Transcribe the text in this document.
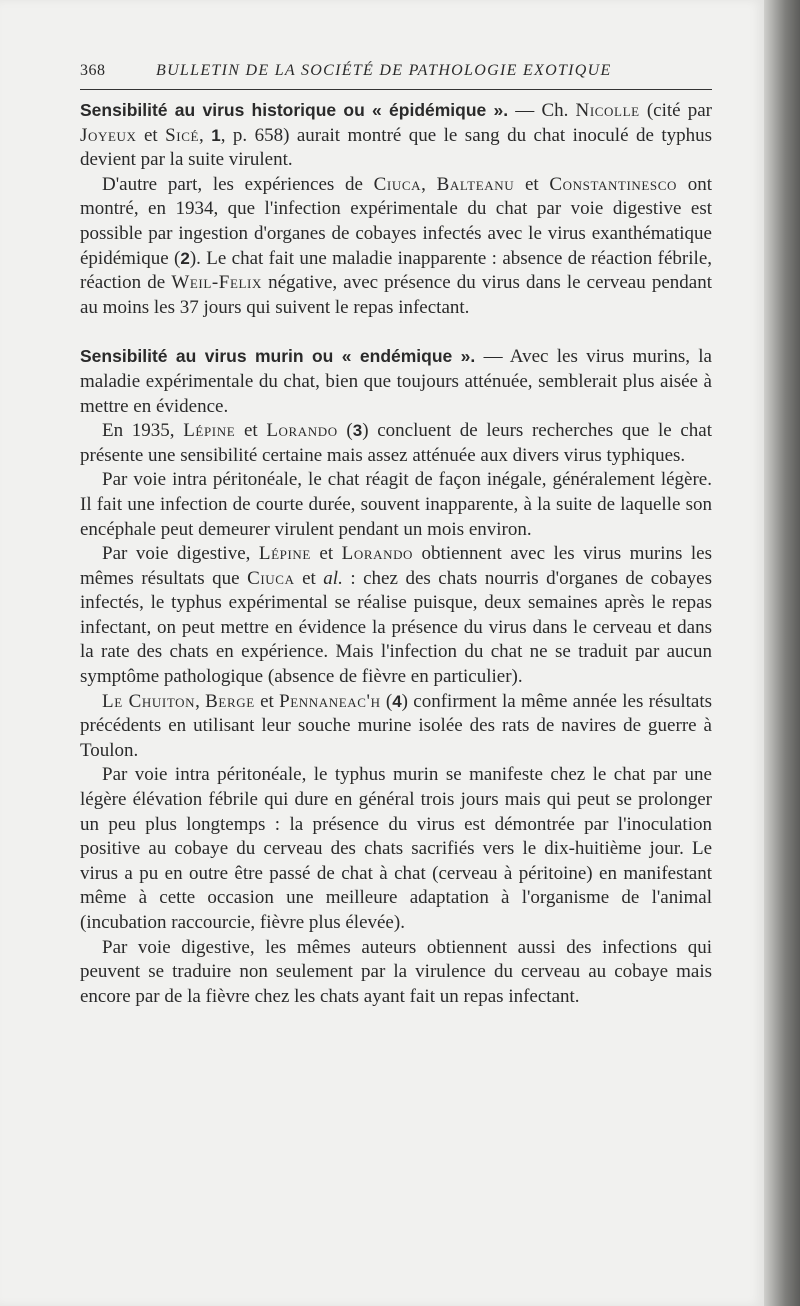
368	BULLETIN DE LA SOCIÉTÉ DE PATHOLOGIE EXOTIQUE

Sensibilité au virus historique ou « épidémique ». — Ch. Nicolle (cité par Joyeux et Sicé, 1, p. 658) aurait montré que le sang du chat inoculé de typhus devient par la suite virulent.

D'autre part, les expériences de Ciuca, Balteanu et Constantinesco ont montré, en 1934, que l'infection expérimentale du chat par voie digestive est possible par ingestion d'organes de cobayes infectés avec le virus exanthématique épidémique (2). Le chat fait une maladie inapparente : absence de réaction fébrile, réaction de Weil-Felix négative, avec présence du virus dans le cerveau pendant au moins les 37 jours qui suivent le repas infectant.

Sensibilité au virus murin ou « endémique ». — Avec les virus murins, la maladie expérimentale du chat, bien que toujours atténuée, semblerait plus aisée à mettre en évidence.

En 1935, Lépine et Lorando (3) concluent de leurs recherches que le chat présente une sensibilité certaine mais assez atténuée aux divers virus typhiques.

Par voie intra péritonéale, le chat réagit de façon inégale, généralement légère. Il fait une infection de courte durée, souvent inapparente, à la suite de laquelle son encéphale peut demeurer virulent pendant un mois environ.

Par voie digestive, Lépine et Lorando obtiennent avec les virus murins les mêmes résultats que Ciuca et al. : chez des chats nourris d'organes de cobayes infectés, le typhus expérimental se réalise puisque, deux semaines après le repas infectant, on peut mettre en évidence la présence du virus dans le cerveau et dans la rate des chats en expérience. Mais l'infection du chat ne se traduit par aucun symptôme pathologique (absence de fièvre en particulier).

Le Chuiton, Berge et Pennaneac'h (4) confirment la même année les résultats précédents en utilisant leur souche murine isolée des rats de navires de guerre à Toulon.

Par voie intra péritonéale, le typhus murin se manifeste chez le chat par une légère élévation fébrile qui dure en général trois jours mais qui peut se prolonger un peu plus longtemps : la présence du virus est démontrée par l'inoculation positive au cobaye du cerveau des chats sacrifiés vers le dix-huitième jour. Le virus a pu en outre être passé de chat à chat (cerveau à péritoine) en manifestant même à cette occasion une meilleure adaptation à l'organisme de l'animal (incubation raccourcie, fièvre plus élevée).

Par voie digestive, les mêmes auteurs obtiennent aussi des infections qui peuvent se traduire non seulement par la virulence du cerveau au cobaye mais encore par de la fièvre chez les chats ayant fait un repas infectant.
